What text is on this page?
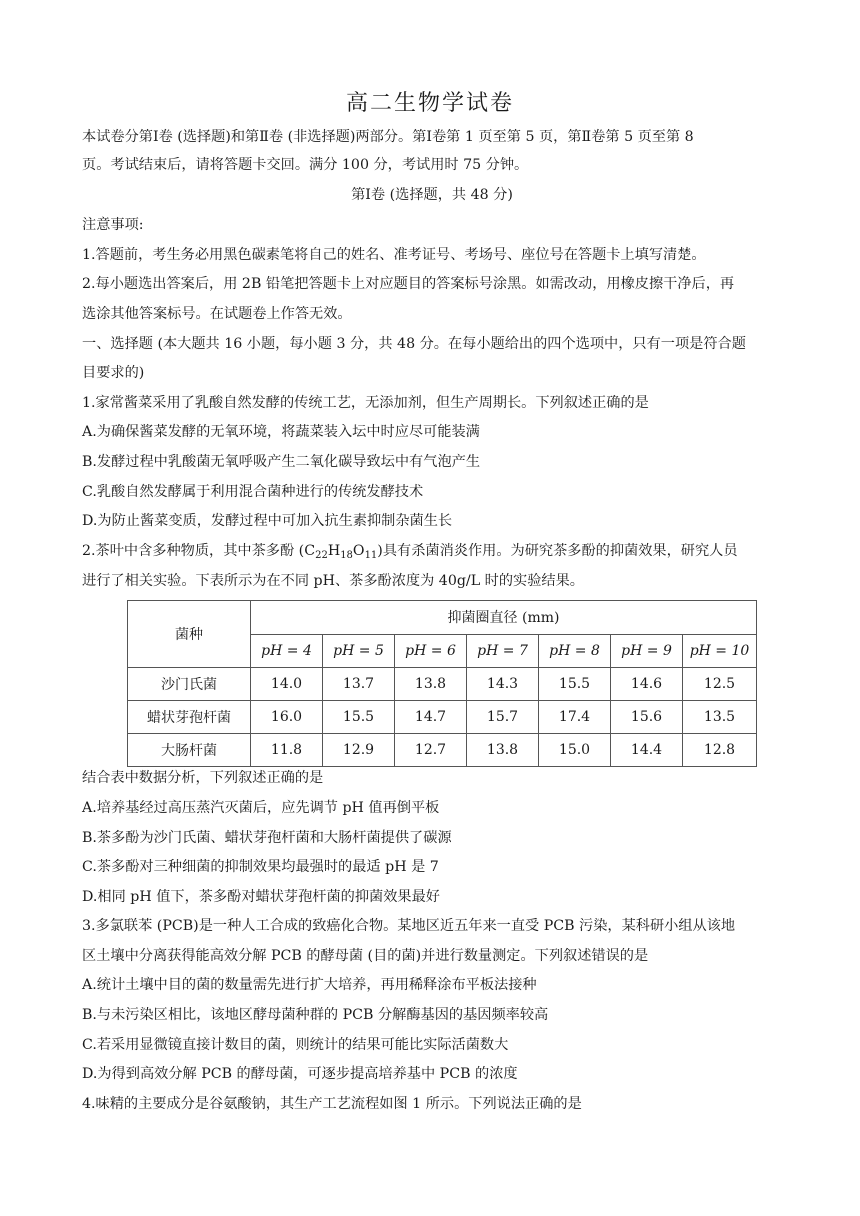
高二生物学试卷
本试卷分第Ⅰ卷 (选择题)和第Ⅱ卷 (非选择题)两部分。第Ⅰ卷第 1 页至第 5 页，第Ⅱ卷第 5 页至第 8
页。考试结束后，请将答题卡交回。满分 100 分，考试用时 75 分钟。
第Ⅰ卷 (选择题，共 48 分)
注意事项:
1.答题前，考生务必用黑色碳素笔将自己的姓名、准考证号、考场号、座位号在答题卡上填写清楚。
2.每小题选出答案后，用 2B 铅笔把答题卡上对应题目的答案标号涂黑。如需改动，用橡皮擦干净后，再
选涂其他答案标号。在试题卷上作答无效。
一、选择题 (本大题共 16 小题，每小题 3 分，共 48 分。在每小题给出的四个选项中，只有一项是符合题
目要求的)
1.家常酱菜采用了乳酸自然发酵的传统工艺，无添加剂，但生产周期长。下列叙述正确的是
A.为确保酱菜发酵的无氧环境，将蔬菜装入坛中时应尽可能装满
B.发酵过程中乳酸菌无氧呼吸产生二氧化碳导致坛中有气泡产生
C.乳酸自然发酵属于利用混合菌种进行的传统发酵技术
D.为防止酱菜变质，发酵过程中可加入抗生素抑制杂菌生长
2.茶叶中含多种物质，其中茶多酚 $(C_{22}H_{18}O_{11})$具有杀菌消炎作用。为研究茶多酚的抑菌效果，研究人员
进行了相关实验。下表所示为在不同 pH、茶多酚浓度为 40g/L 时的实验结果。
菌种	抑菌圈直径 (mm)						
	pH = 4	pH = 5	pH = 6	pH = 7	pH = 8	pH = 9	pH = 10
沙门氏菌	14.0	13.7	13.8	14.3	15.5	14.6	12.5
蜡状芽孢杆菌	16.0	15.5	14.7	15.7	17.4	15.6	13.5
大肠杆菌	11.8	12.9	12.7	13.8	15.0	14.4	12.8
结合表中数据分析，下列叙述正确的是
A.培养基经过高压蒸汽灭菌后，应先调节 pH 值再倒平板
B.茶多酚为沙门氏菌、蜡状芽孢杆菌和大肠杆菌提供了碳源
C.茶多酚对三种细菌的抑制效果均最强时的最适 pH 是 7
D.相同 pH 值下，茶多酚对蜡状芽孢杆菌的抑菌效果最好
3.多氯联苯 (PCB)是一种人工合成的致癌化合物。某地区近五年来一直受 PCB 污染，某科研小组从该地
区土壤中分离获得能高效分解 PCB 的酵母菌 (目的菌)并进行数量测定。下列叙述错误的是
A.统计土壤中目的菌的数量需先进行扩大培养，再用稀释涂布平板法接种
B.与未污染区相比，该地区酵母菌种群的 PCB 分解酶基因的基因频率较高
C.若采用显微镜直接计数目的菌，则统计的结果可能比实际活菌数大
D.为得到高效分解 PCB 的酵母菌，可逐步提高培养基中 PCB 的浓度
4.味精的主要成分是谷氨酸钠，其生产工艺流程如图 1 所示。下列说法正确的是
